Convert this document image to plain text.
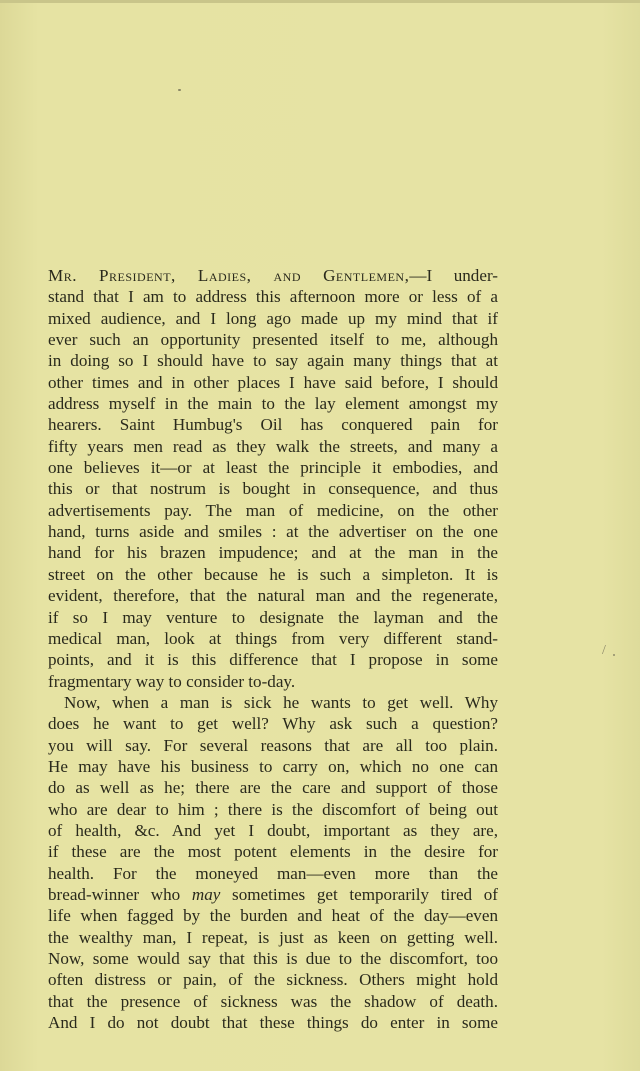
Mr. President, Ladies, and Gentlemen,—I under-
stand that I am to address this afternoon more or less of a
mixed audience, and I long ago made up my mind that if
ever such an opportunity presented itself to me, although
in doing so I should have to say again many things that at
other times and in other places I have said before, I should
address myself in the main to the lay element amongst my
hearers. Saint Humbug's Oil has conquered pain for
fifty years men read as they walk the streets, and many a
one believes it—or at least the principle it embodies, and
this or that nostrum is bought in consequence, and thus
advertisements pay. The man of medicine, on the other
hand, turns aside and smiles : at the advertiser on the one
hand for his brazen impudence; and at the man in the
street on the other because he is such a simpleton. It is
evident, therefore, that the natural man and the regenerate,
if so I may venture to designate the layman and the
medical man, look at things from very different stand-
points, and it is this difference that I propose in some
fragmentary way to consider to-day.
Now, when a man is sick he wants to get well. Why
does he want to get well? Why ask such a question?
you will say. For several reasons that are all too plain.
He may have his business to carry on, which no one can
do as well as he; there are the care and support of those
who are dear to him ; there is the discomfort of being out
of health, &c. And yet I doubt, important as they are,
if these are the most potent elements in the desire for
health. For the moneyed man—even more than the
bread-winner who may sometimes get temporarily tired of
life when fagged by the burden and heat of the day—even
the wealthy man, I repeat, is just as keen on getting well.
Now, some would say that this is due to the discomfort, too
often distress or pain, of the sickness. Others might hold
that the presence of sickness was the shadow of death.
And I do not doubt that these things do enter in some
/
